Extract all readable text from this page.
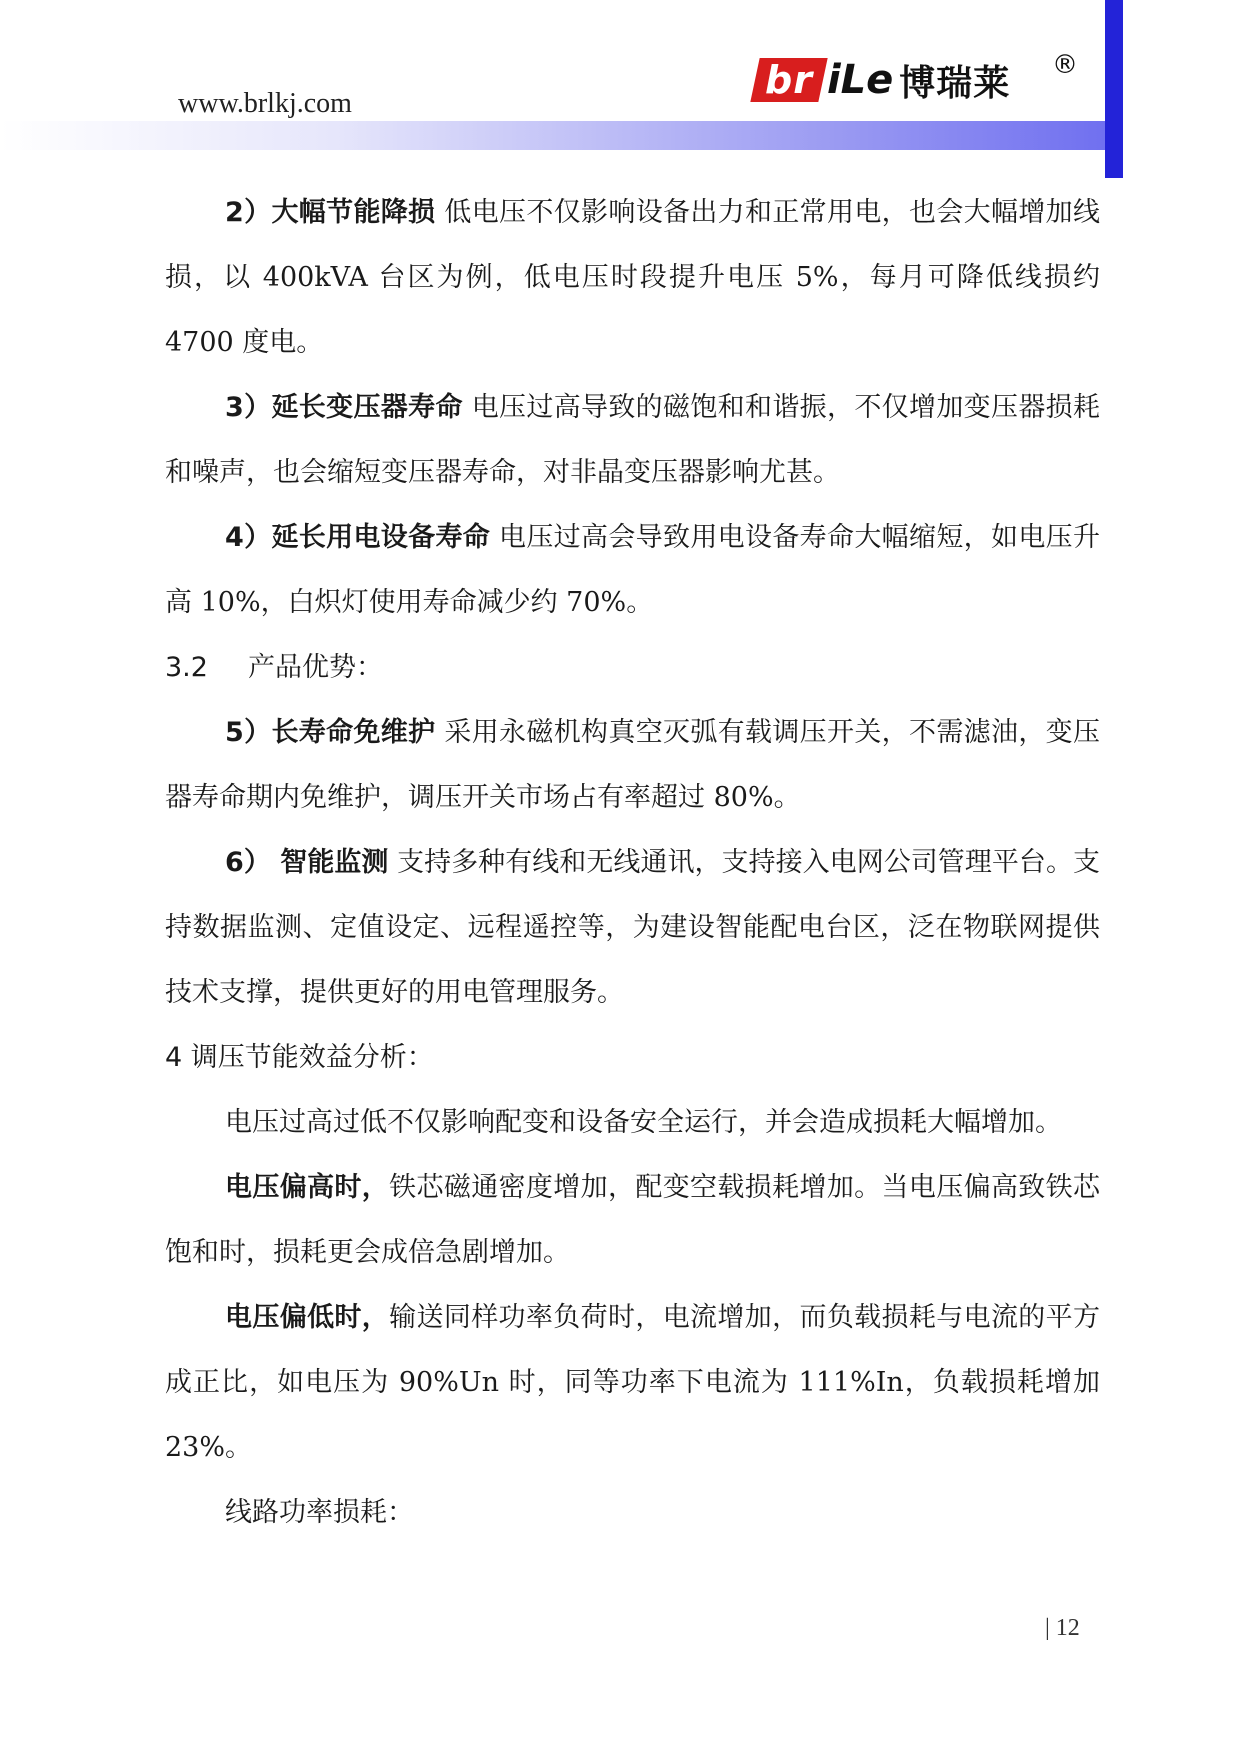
www.brlkj.com
br iLe 博瑞莱 ®

2）大幅节能降损 低电压不仅影响设备出力和正常用电，也会大幅增加线损，以 400kVA 台区为例，低电压时段提升电压 5%，每月可降低线损约 4700 度电。

3）延长变压器寿命 电压过高导致的磁饱和和谐振，不仅增加变压器损耗和噪声，也会缩短变压器寿命，对非晶变压器影响尤甚。

4）延长用电设备寿命 电压过高会导致用电设备寿命大幅缩短，如电压升高 10%，白炽灯使用寿命减少约 70%。

3.2 产品优势：

5）长寿命免维护 采用永磁机构真空灭弧有载调压开关，不需滤油，变压器寿命期内免维护，调压开关市场占有率超过 80%。

6） 智能监测 支持多种有线和无线通讯，支持接入电网公司管理平台。支持数据监测、定值设定、远程遥控等，为建设智能配电台区，泛在物联网提供技术支撑，提供更好的用电管理服务。

4 调压节能效益分析：

电压过高过低不仅影响配变和设备安全运行，并会造成损耗大幅增加。

电压偏高时，铁芯磁通密度增加，配变空载损耗增加。当电压偏高致铁芯饱和时，损耗更会成倍急剧增加。

电压偏低时，输送同样功率负荷时，电流增加，而负载损耗与电流的平方成正比，如电压为 90%Un 时，同等功率下电流为 111%In，负载损耗增加 23%。

线路功率损耗：

| 12
